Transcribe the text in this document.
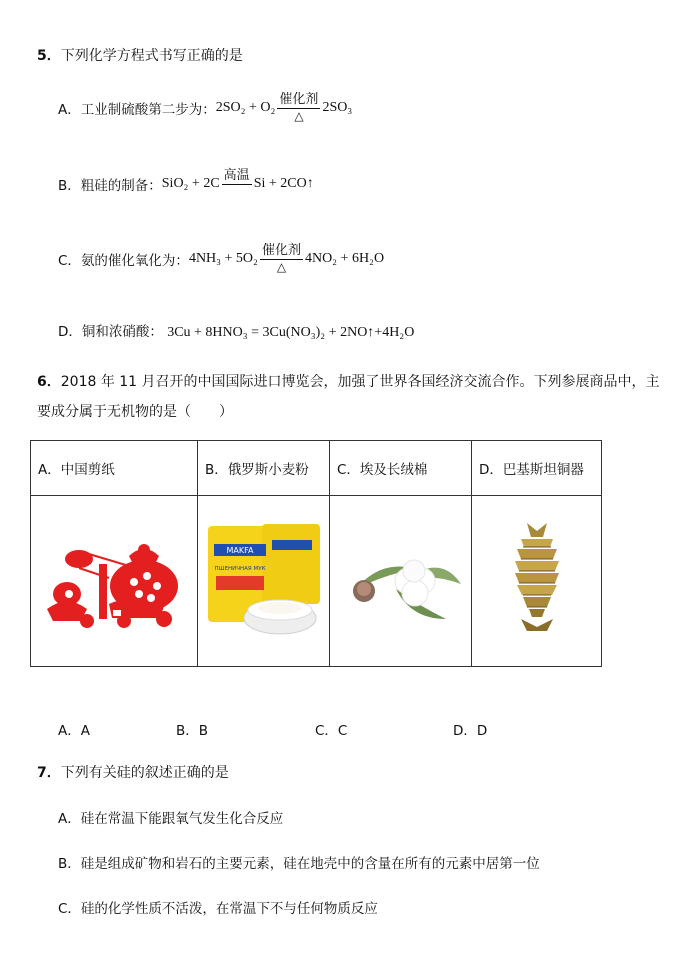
5．下列化学方程式书写正确的是
A． 工业制硫酸第二步为： $2SO_2 + O_2 \frac{\text{催化剂}}{\triangle} 2SO_3$
B． 粗硅的制备： SiO₂ + 2C 高温
Si + 2CO↑
C． 氨的催化氧化为： $4NH_3 + 5O_2 \frac{\text{催化剂}}{\triangle} 4NO_2 + 6H_2O$
D．铜和浓硝酸： 3Cu + 8HNO₃ = 3Cu(NO₃)₂ + 2NO↑+4H₂O
6．2018 年 11 月召开的中国国际进口博览会，加强了世界各国经济交流合作。下列参展商品中，主
要成分属于无机物的是（　　）
A．中国剪纸	B．俄罗斯小麦粉	C．埃及长绒棉	D．巴基斯坦铜器

MAKFA
ПШЕНИЧНАЯ МУК

A．A	B．B	C．C	D．D
7．下列有关硅的叙述正确的是
A．硅在常温下能跟氧气发生化合反应
B．硅是组成矿物和岩石的主要元素，硅在地壳中的含量在所有的元素中居第一位
C．硅的化学性质不活泼，在常温下不与任何物质反应
